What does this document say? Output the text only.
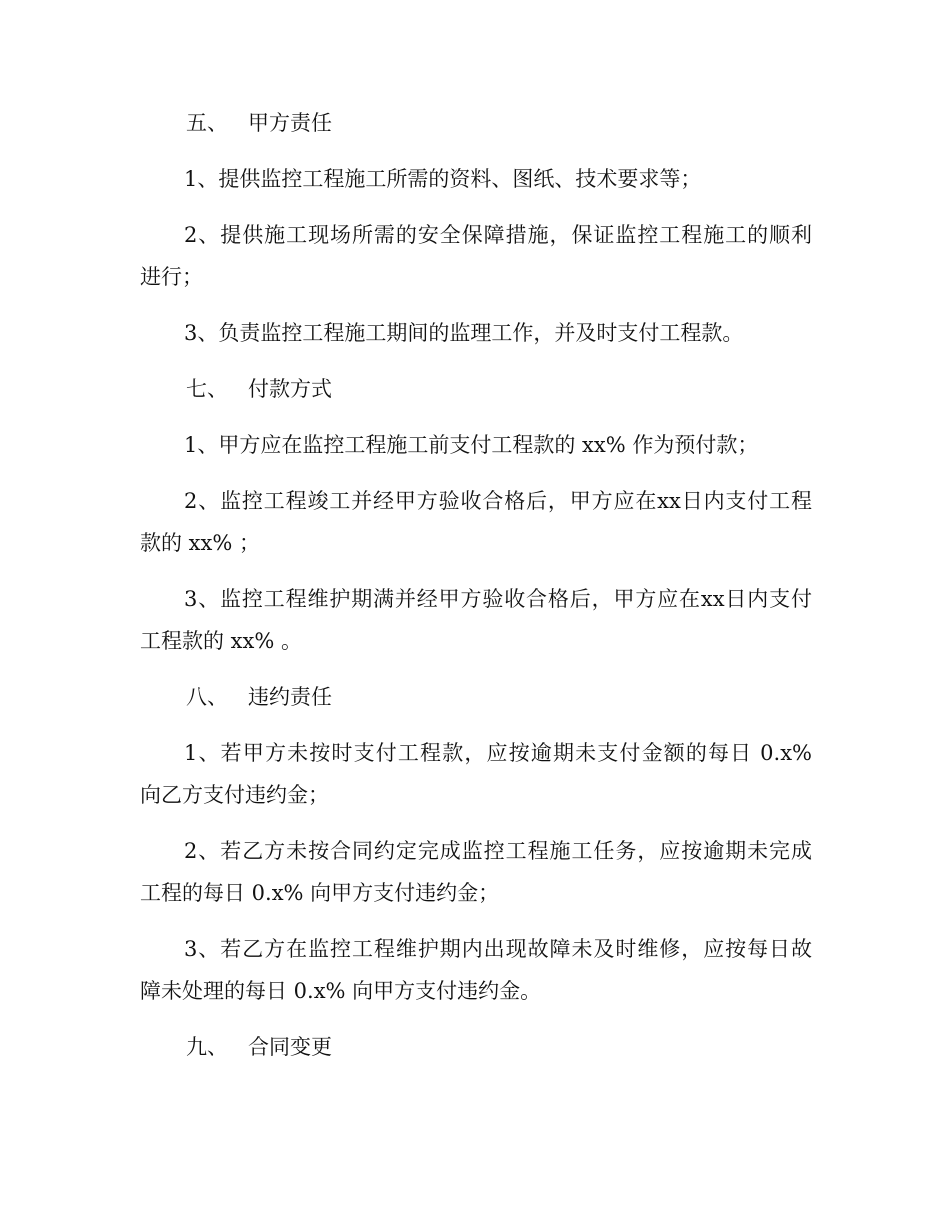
五、 甲方责任
1、提供监控工程施工所需的资料、图纸、技术要求等；
2、提供施工现场所需的安全保障措施，保证监控工程施工的顺利
进行；
3、负责监控工程施工期间的监理工作，并及时支付工程款。
七、 付款方式
1、甲方应在监控工程施工前支付工程款的 xx% 作为预付款；
2、监控工程竣工并经甲方验收合格后，甲方应在xx日内支付工程
款的 xx% ；
3、监控工程维护期满并经甲方验收合格后，甲方应在xx日内支付
工程款的 xx% 。
八、 违约责任
1、若甲方未按时支付工程款，应按逾期未支付金额的每日 0.x%
向乙方支付违约金；
2、若乙方未按合同约定完成监控工程施工任务，应按逾期未完成
工程的每日 0.x% 向甲方支付违约金；
3、若乙方在监控工程维护期内出现故障未及时维修，应按每日故
障未处理的每日 0.x% 向甲方支付违约金。
九、 合同变更
